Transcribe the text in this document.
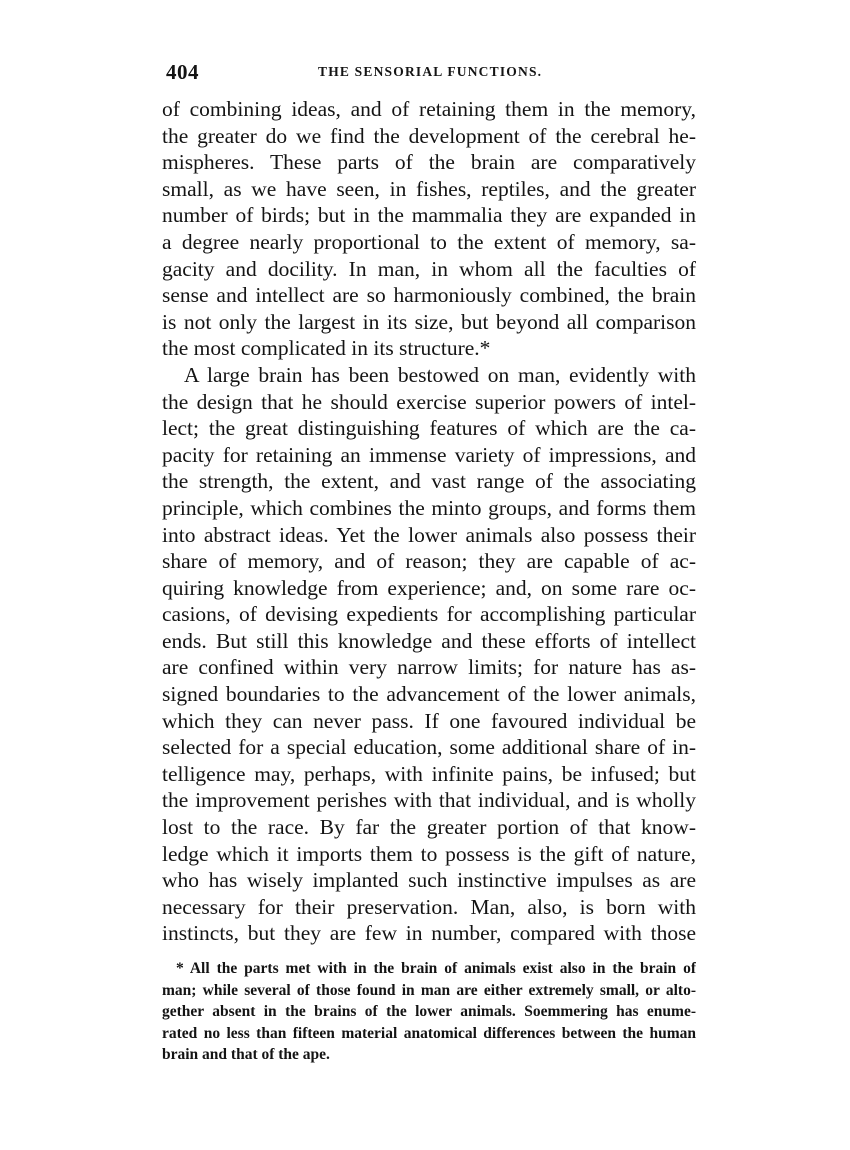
404	THE SENSORIAL FUNCTIONS.
of combining ideas, and of retaining them in the memory,
the greater do we find the development of the cerebral he-
mispheres. These parts of the brain are comparatively
small, as we have seen, in fishes, reptiles, and the greater
number of birds; but in the mammalia they are expanded in
a degree nearly proportional to the extent of memory, sa-
gacity and docility. In man, in whom all the faculties of
sense and intellect are so harmoniously combined, the brain
is not only the largest in its size, but beyond all comparison
the most complicated in its structure.*
A large brain has been bestowed on man, evidently with
the design that he should exercise superior powers of intel-
lect; the great distinguishing features of which are the ca-
pacity for retaining an immense variety of impressions, and
the strength, the extent, and vast range of the associating
principle, which combines the minto groups, and forms them
into abstract ideas. Yet the lower animals also possess their
share of memory, and of reason; they are capable of ac-
quiring knowledge from experience; and, on some rare oc-
casions, of devising expedients for accomplishing particular
ends. But still this knowledge and these efforts of intellect
are confined within very narrow limits; for nature has as-
signed boundaries to the advancement of the lower animals,
which they can never pass. If one favoured individual be
selected for a special education, some additional share of in-
telligence may, perhaps, with infinite pains, be infused; but
the improvement perishes with that individual, and is wholly
lost to the race. By far the greater portion of that know-
ledge which it imports them to possess is the gift of nature,
who has wisely implanted such instinctive impulses as are
necessary for their preservation. Man, also, is born with
instincts, but they are few in number, compared with those
* All the parts met with in the brain of animals exist also in the brain of
man; while several of those found in man are either extremely small, or alto-
gether absent in the brains of the lower animals. Soemmering has enume-
rated no less than fifteen material anatomical differences between the human
brain and that of the ape.
